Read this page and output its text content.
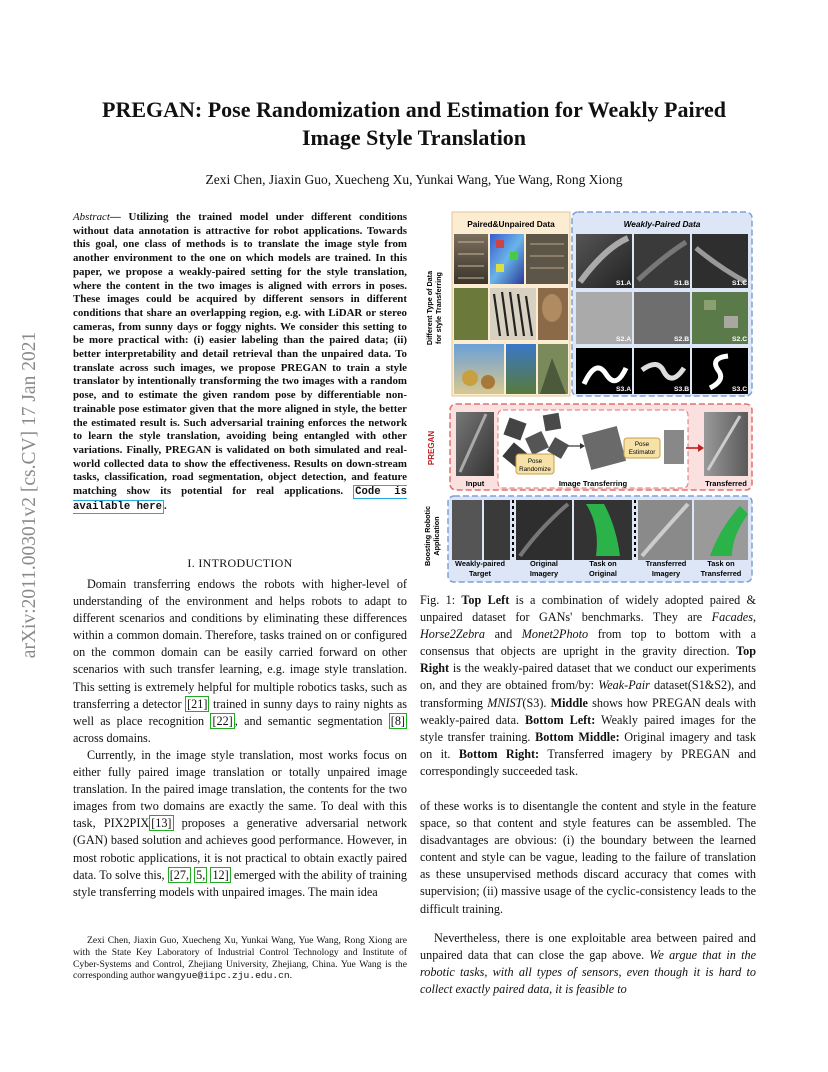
arXiv:2011.00301v2 [cs.CV] 17 Jan 2021
PREGAN: Pose Randomization and Estimation for Weakly Paired
Image Style Translation
Zexi Chen, Jiaxin Guo, Xuecheng Xu, Yunkai Wang, Yue Wang, Rong Xiong
Abstract— Utilizing the trained model under different conditions without data annotation is attractive for robot applications. Towards this goal, one class of methods is to translate the image style from another environment to the one on which models are trained. In this paper, we propose a weakly-paired setting for the style translation, where the content in the two images is aligned with errors in poses. These images could be acquired by different sensors in different conditions that share an overlapping region, e.g. with LiDAR or stereo cameras, from sunny days or foggy nights. We consider this setting to be more practical with: (i) easier labeling than the paired data; (ii) better interpretability and detail retrieval than the unpaired data. To translate across such images, we propose PREGAN to train a style translator by intentionally transforming the two images with a random pose, and to estimate the given random pose by differentiable non-trainable pose estimator given that the more aligned in style, the better the estimated result is. Such adversarial training enforces the network to learn the style translation, avoiding being entangled with other variations. Finally, PREGAN is validated on both simulated and real-world collected data to show the effectiveness. Results on down-stream tasks, classification, road segmentation, object detection, and feature matching show its potential for real applications. Code is available here .
I. INTRODUCTION

Domain transferring endows the robots with higher-level of understanding of the environment and helps robots to adapt to different scenarios and conditions by eliminating these differences within a common domain. Therefore, tasks trained on or configured on the common domain can be easily carried forward on other scenarios with such transfer learning, e.g. image style translation. This setting is extremely helpful for multiple robotics tasks, such as transferring a detector [21] trained in sunny days to rainy nights as well as place recognition [22] , and semantic segmentation [8] across domains.

Currently, in the image style translation, most works focus on either fully paired image translation or totally unpaired image translation. In the paired image translation, the contents for the two images from two domains are exactly the same. To deal with this task, PIX2PIX [13] proposes a generative adversarial network (GAN) based solution and achieves good performance. However, in most robotic applications, it is not practical to obtain exactly paired data. To solve this, [27, 5, 12] emerged with the ability of training style transferring models with unpaired images. The main idea

Zexi Chen, Jiaxin Guo, Xuecheng Xu, Yunkai Wang, Yue Wang, Rong Xiong are with the State Key Laboratory of Industrial Control Technology and Institute of Cyber-Systems and Control, Zhejiang University, Zhejiang, China. Yue Wang is the corresponding author wangyue@iipc.zju.edu.cn.
Paired&Unpaired Data
Different Type of Data for style Transferring
Weakly-Paired Data
S1.A	S1.B	S1.C
S2.A	S2.B	S2.C
S3.A	S3.B	S3.C
PREGAN	Pose
Randomize
Pose
Estimator
Input	Image Transferring	Transferred
Boosting Robotic Application
Weakly-paired
Target
Original
Imagery
Task on
Original
Transferred
Imagery
Task on
Transferred
Fig. 1: Top Left is a combination of widely adopted paired & unpaired dataset for GANs' benchmarks. They are Facades, Horse2Zebra and Monet2Photo from top to bottom with a consensus that objects are upright in the gravity direction. Top Right is the weakly-paired dataset that we conduct our experiments on, and they are obtained from/by: Weak-Pair dataset(S1&S2), and transforming MNIST(S3). Middle shows how PREGAN deals with weakly-paired data. Bottom Left: Weakly paired images for the style transfer training. Bottom Middle: Original imagery and task on it. Bottom Right: Transferred imagery by PREGAN and correspondingly succeeded task.

of these works is to disentangle the content and style in the feature space, so that content and style features can be assembled. The disadvantages are obvious: (i) the boundary between the learned content and style can be vague, leading to the failure of translation as these unsupervised methods discard accuracy that comes with supervision; (ii) massive usage of the cyclic-consistency leads to the difficult training.

Nevertheless, there is one exploitable area between paired and unpaired data that can close the gap above. We argue that in the robotic tasks, with all types of sensors, even though it is hard to collect exactly paired data, it is feasible to
